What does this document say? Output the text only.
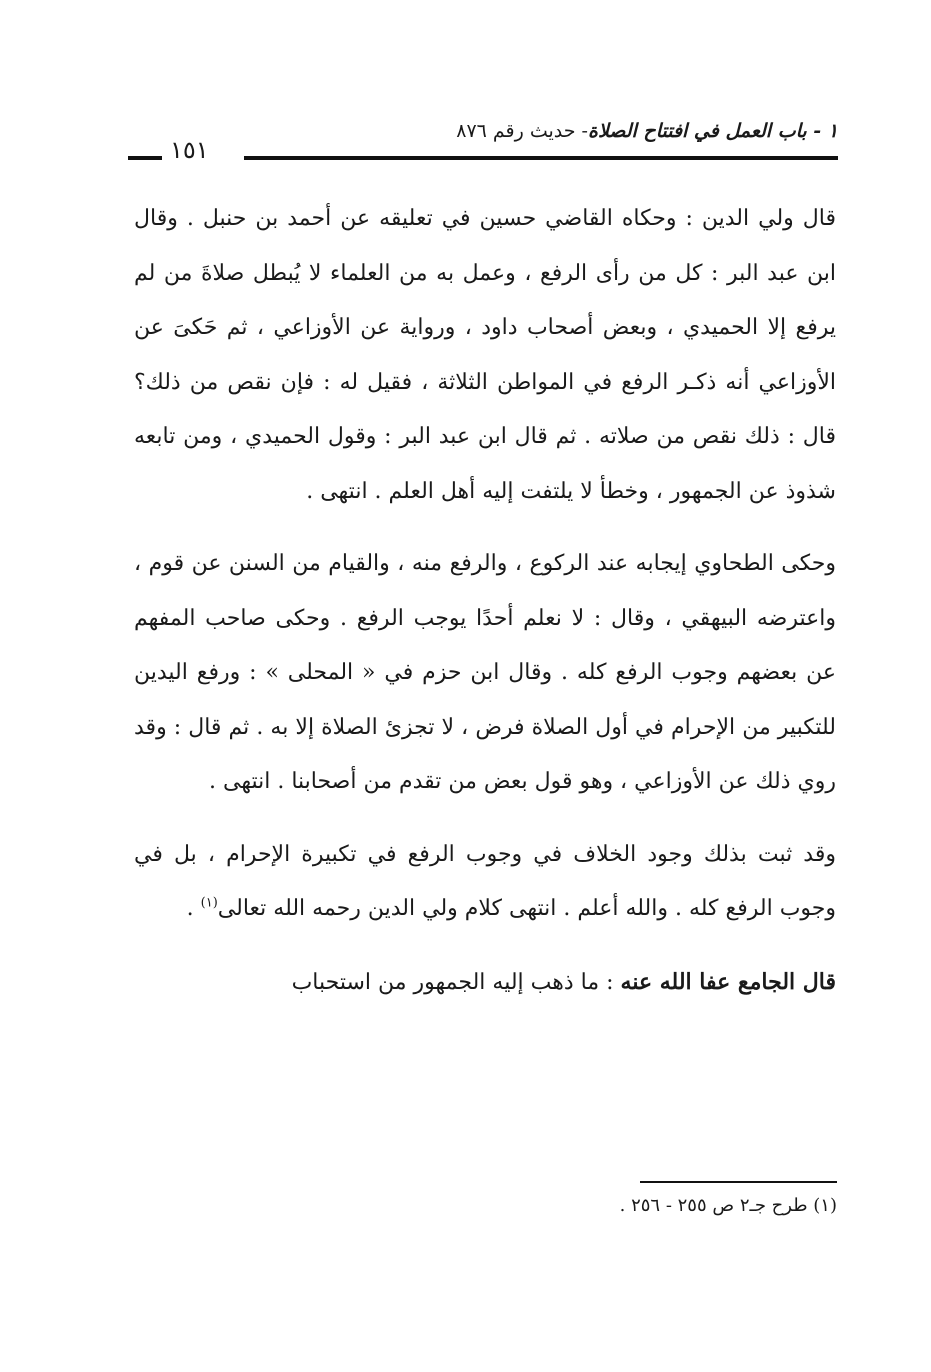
١ - باب العمل في افتتاح الصلاة- حديث رقم ٨٧٦
١٥١

قال ولي الدين : وحكاه القاضي حسين في تعليقه عن أحمد بن حنبل . وقال ابن عبد البر : كل من رأى الرفع ، وعمل به من العلماء لا يُبطل صلاةَ من لم يرفع إلا الحميدي ، وبعض أصحاب داود ، ورواية عن الأوزاعي ، ثم حَكىَ عن الأوزاعي أنه ذكـر الرفع في المواطن الثلاثة ، فقيل له : فإن نقص من ذلك؟ قال : ذلك نقص من صلاته . ثم قال ابن عبد البر : وقول الحميدي ، ومن تابعه شذوذ عن الجمهور ، وخطأ لا يلتفت إليه أهل العلم . انتهى .

وحكى الطحاوي إيجابه عند الركوع ، والرفع منه ، والقيام من السنن عن قوم ، واعترضه البيهقي ، وقال : لا نعلم أحدًا يوجب الرفع . وحكى صاحب المفهم عن بعضهم وجوب الرفع كله . وقال ابن حزم في « المحلى » : ورفع اليدين للتكبير من الإحرام في أول الصلاة فرض ، لا تجزئ الصلاة إلا به . ثم قال : وقد روي ذلك عن الأوزاعي ، وهو قول بعض من تقدم من أصحابنا . انتهى .

وقد ثبت بذلك وجود الخلاف في وجوب الرفع في تكبيرة الإحرام ، بل في وجوب الرفع كله . والله أعلم . انتهى كلام ولي الدين رحمه الله تعالى$^{(١)}$ .

قال الجامع عفا الله عنه : ما ذهب إليه الجمهور من استحباب

(١) طرح جـ٢ ص ٢٥٥ - ٢٥٦ .
